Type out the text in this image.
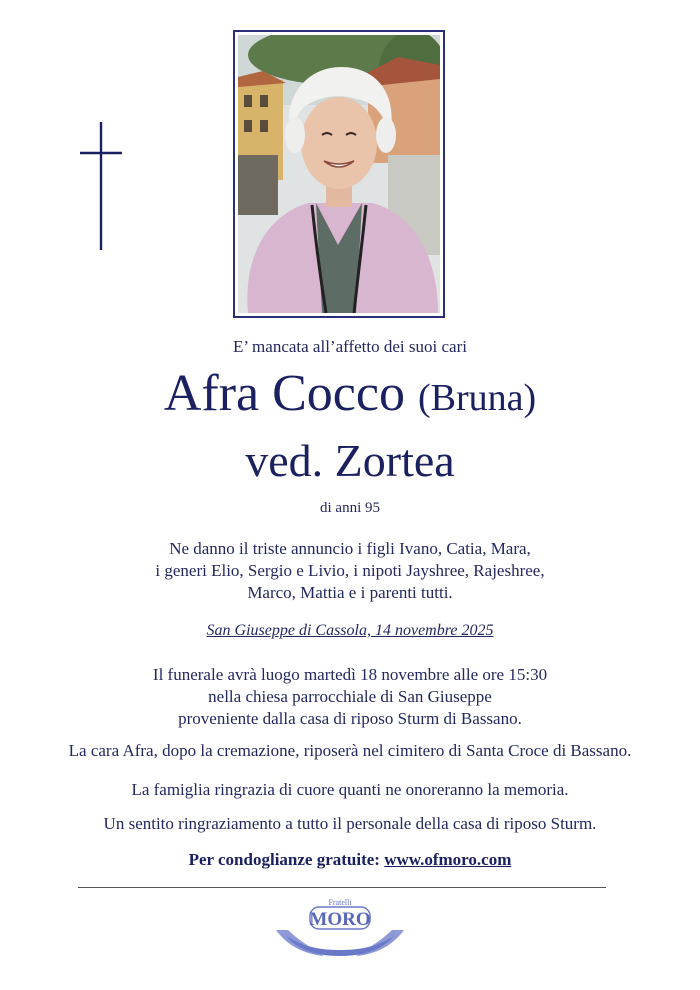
E’ mancata all’affetto dei suoi cari
Afra Cocco (Bruna)
ved. Zortea
di anni 95
Ne danno il triste annuncio i figli Ivano, Catia, Mara,
i generi Elio, Sergio e Livio, i nipoti Jayshree, Rajeshree,
Marco, Mattia e i parenti tutti.
San Giuseppe di Cassola, 14 novembre 2025
Il funerale avrà luogo martedì 18 novembre alle ore 15:30
nella chiesa parrocchiale di San Giuseppe
proveniente dalla casa di riposo Sturm di Bassano.
La cara Afra, dopo la cremazione, riposerà nel cimitero di Santa Croce di Bassano.
La famiglia ringrazia di cuore quanti ne onoreranno la memoria.
Un sentito ringraziamento a tutto il personale della casa di riposo Sturm.
Per condoglianze gratuite: www.ofmoro.com
Fratelli
MORO
LE ONORANZE
